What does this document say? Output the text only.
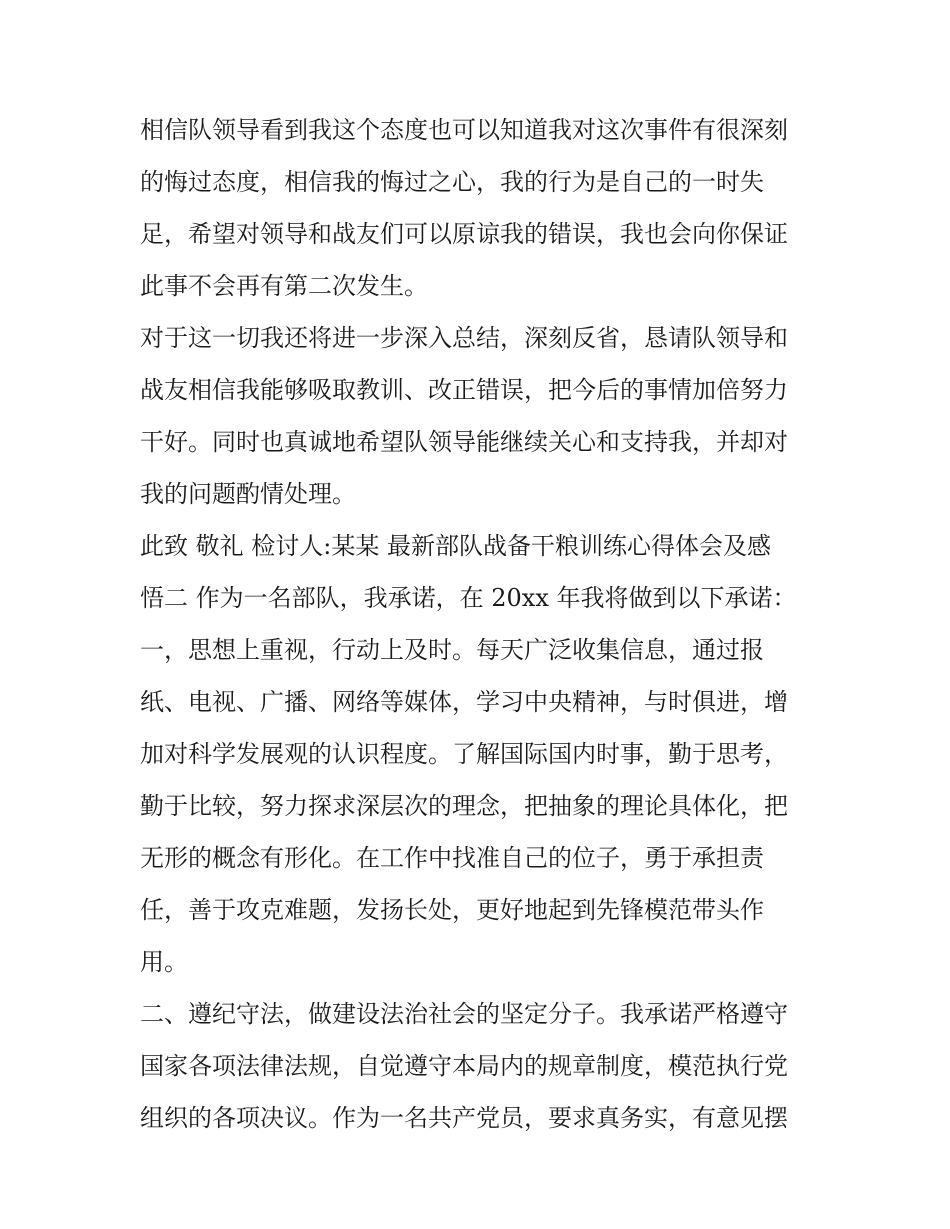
相信队领导看到我这个态度也可以知道我对这次事件有很深刻
的悔过态度，相信我的悔过之心，我的行为是自己的一时失
足，希望对领导和战友们可以原谅我的错误，我也会向你保证
此事不会再有第二次发生。
对于这一切我还将进一步深入总结，深刻反省，恳请队领导和
战友相信我能够吸取教训、改正错误，把今后的事情加倍努力
干好。同时也真诚地希望队领导能继续关心和支持我，并却对
我的问题酌情处理。
此致 敬礼 检讨人:某某 最新部队战备干粮训练心得体会及感
悟二 作为一名部队，我承诺，在 20xx 年我将做到以下承诺：
一，思想上重视，行动上及时。每天广泛收集信息，通过报
纸、电视、广播、网络等媒体，学习中央精神，与时俱进，增
加对科学发展观的认识程度。了解国际国内时事，勤于思考，
勤于比较，努力探求深层次的理念，把抽象的理论具体化，把
无形的概念有形化。在工作中找准自己的位子，勇于承担责
任，善于攻克难题，发扬长处，更好地起到先锋模范带头作
用。
二、遵纪守法，做建设法治社会的坚定分子。我承诺严格遵守
国家各项法律法规，自觉遵守本局内的规章制度，模范执行党
组织的各项决议。作为一名共产党员，要求真务实，有意见摆
